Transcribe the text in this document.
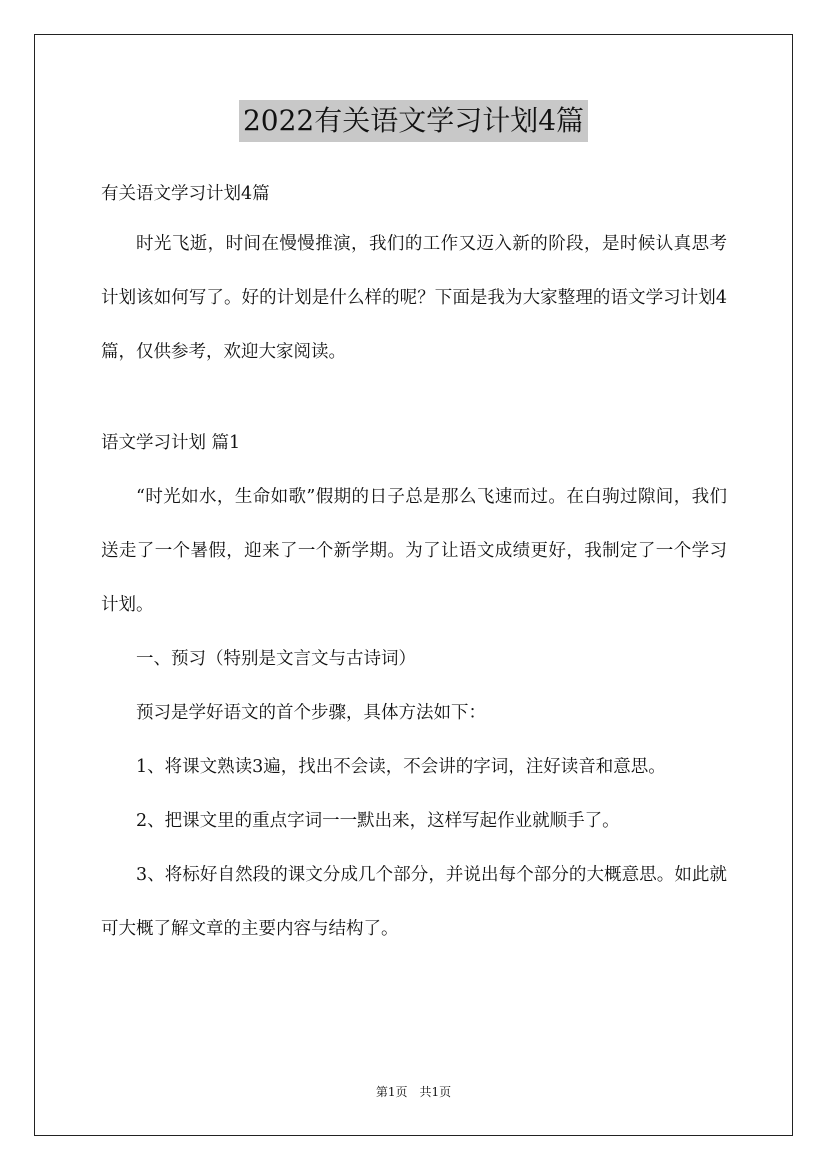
2022有关语文学习计划4篇
有关语文学习计划4篇

时光飞逝，时间在慢慢推演，我们的工作又迈入新的阶段，是时候认真思考计划该如何写了。好的计划是什么样的呢？下面是我为大家整理的语文学习计划4篇，仅供参考，欢迎大家阅读。

语文学习计划 篇1

“时光如水，生命如歌”假期的日子总是那么飞速而过。在白驹过隙间，我们送走了一个暑假，迎来了一个新学期。为了让语文成绩更好，我制定了一个学习计划。

一、预习（特别是文言文与古诗词）

预习是学好语文的首个步骤，具体方法如下：

1、将课文熟读3遍，找出不会读，不会讲的字词，注好读音和意思。

2、把课文里的重点字词一一默出来，这样写起作业就顺手了。

3、将标好自然段的课文分成几个部分，并说出每个部分的大概意思。如此就可大概了解文章的主要内容与结构了。

第1页　共1页
